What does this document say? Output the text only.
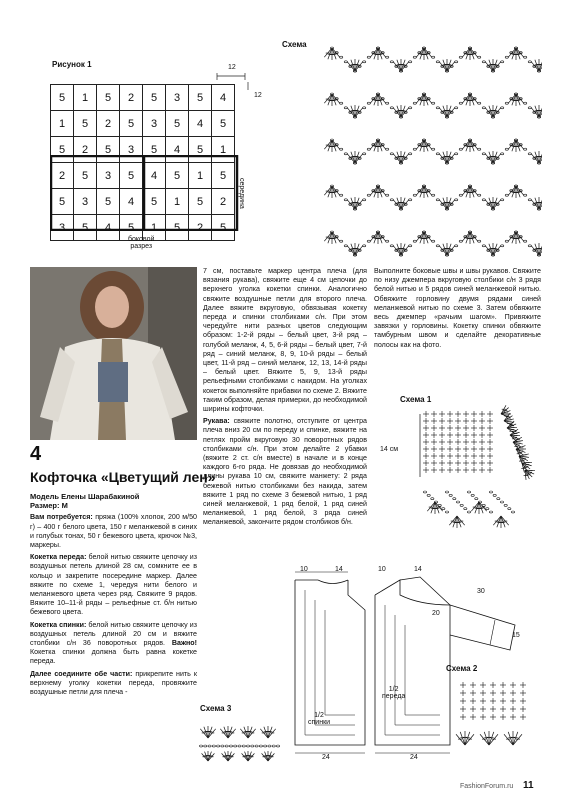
Рисунок 1	12
12
5	1	5	2	5	3	5	4
1	5	2	5	3	5	4	5
5	2	5	3	5	4	5	1
2	5	3	5	4	5	1	5
5	3	5	4	5	1	5	2
3	5	4	5	1	5	2	5
середина
боковой
разрез
Схема
4
Кофточка «Цветущий лен»

Модель Елены Шарабакиной

Размер: М

Вам потребуется: пряжа (100% хлопок, 200 м/50 г) – 400 г белого цвета, 150 г меланжевой в синих и голубых тонах, 50 г бежевого цвета, крючок №3, маркеры.

Кокетка переда: белой нитью свяжите цепочку из воздушных петель длиной 28 см, сомкните ее в кольцо и закрепите посередине маркер. Далее вяжите по схеме 1, чередуя нити белого и меланжевого цвета через ряд. Свяжите 9 рядов. Вяжите 10–11-й ряды – рельефные ст. б/н нитью бежевого цвета.

Кокетка спинки: белой нитью свяжите цепочку из воздушных петель длиной 20 см и вяжите столбики с/н 36 поворотных рядов. Важно! Кокетка спинки должна быть равна кокетке переда.

Далее соедините обе части: прикрепите нить к верхнему уголку кокетки переда, провяжите воздушные петли для плеча -

7 см, поставьте маркер центра плеча (для вязания рукава), свяжите еще 4 см цепочки до верхнего уголка кокетки спинки. Аналогично свяжите воздушные петли для второго плеча. Далее вяжите вкруговую, обвязывая кокетку переда и спинки столбиками с/н. При этом чередуйте нити разных цветов следующим образом: 1-2-й ряды – белый цвет, 3-й ряд – голубой меланж, 4, 5, 6-й ряды – белый цвет, 7-й ряд – синий меланж, 8, 9, 10-й ряды – белый цвет, 11-й ряд – синий меланж, 12, 13, 14-й ряды – белый цвет. Вяжите 5, 9, 13-й ряды рельефными столбиками с накидом. На уголках кокеток выполняйте прибавки по схеме 2. Вяжите таким образом, делая примерки, до необходимой ширины кофточки.

Рукава: свяжите полотно, отступите от центра плеча вниз 20 см по переду и спинке, вяжите на петлях пройм вкруговую 30 поворотных рядов столбиками с/н. При этом делайте 2 убавки (вяжите 2 ст. с/н вместе) в начале и в конце каждого 6-го ряда. Не довязав до необходимой длины рукава 10 см, свяжите манжету: 2 ряда бежевой нитью столбиками без накида, затем вяжите 1 ряд по схеме 3 бежевой нитью, 1 ряд синей меланжевой, 1 ряд белой, 1 ряд синей меланжевой, 1 ряд белой, 3 ряда синей меланжевой, закончите рядом столбиков б/н.

Выполните боковые швы и швы рукавов. Свяжите по низу джемпера вкруговую столбики с/н 3 рядя белой нитью и 5 рядов синей меланжевой нитью. Обвяжите горловину двумя рядами синей меланжевой нитью по схеме 3. Затем обвяжите весь джемпер «рачьим шагом». Привяжите завязки у горловины. Кокетку спинки обвяжите тамбурным швом и сделайте декоративные полосы как на фото.

Схема 1
14 см
10	14
24
1/2
спинки
10	14
24
20
30
15
1/2
переда
Схема 2
Схема 3
FashionForum.ru 11
